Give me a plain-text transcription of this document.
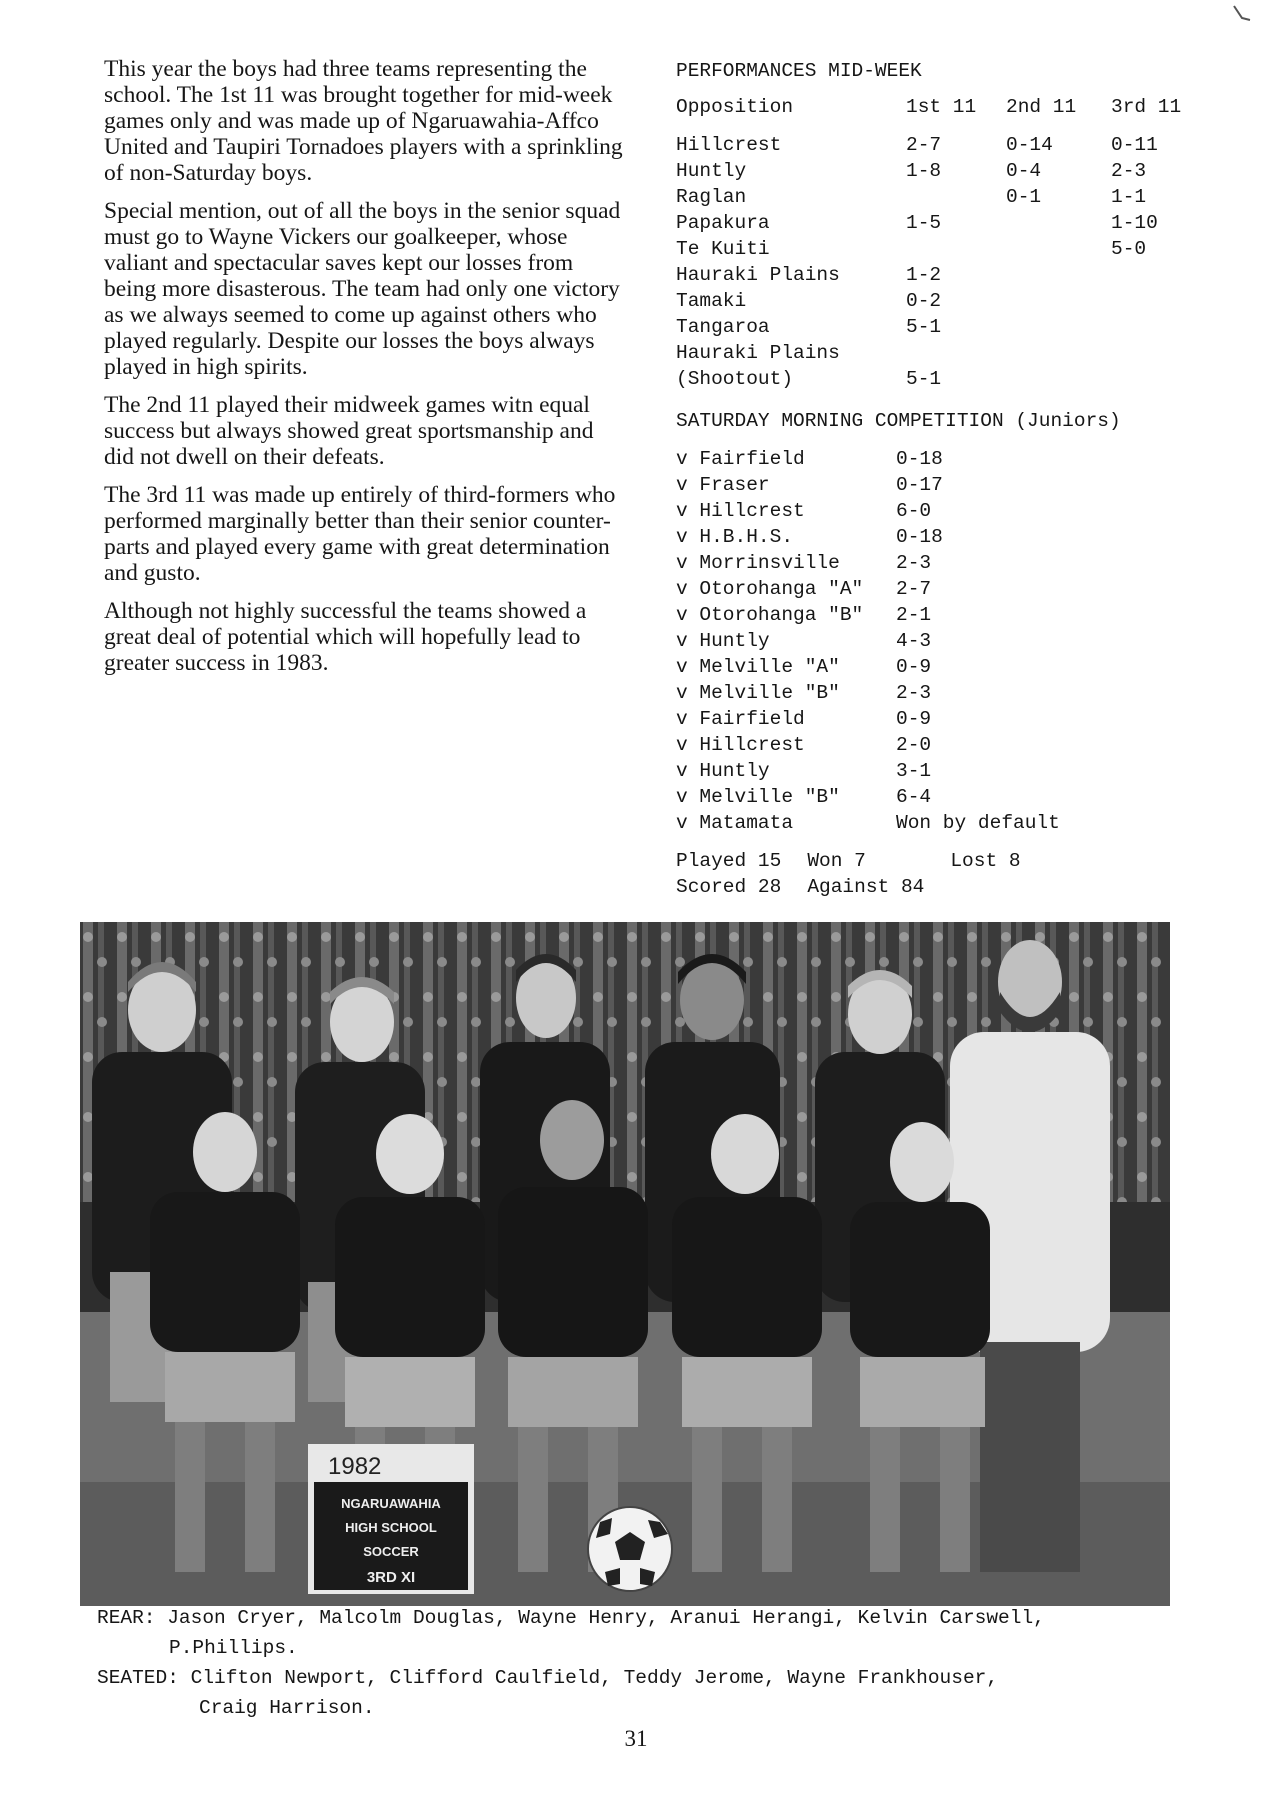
This year the boys had three teams representing the school. The 1st 11 was brought together for mid-week games only and was made up of Ngaruawahia-Affco United and Taupiri Tornadoes players with a sprinkling of non-Saturday boys.

Special mention, out of all the boys in the senior squad must go to Wayne Vickers our goalkeeper, whose valiant and spectacular saves kept our losses from being more disasterous. The team had only one victory as we always seemed to come up against others who played regularly. Despite our losses the boys always played in high spirits.

The 2nd 11 played their midweek games witn equal success but always showed great sportsmanship and did not dwell on their defeats.

The 3rd 11 was made up entirely of third-formers who performed marginally better than their senior counter-parts and played every game with great determination and gusto.

Although not highly successful the teams showed a great deal of potential which will hopefully lead to greater success in 1983.

PERFORMANCES MID-WEEK
Opposition	1st 11	2nd 11	3rd 11
Hillcrest	2-7	0-14	0-11
Huntly	1-8	0-4	2-3
Raglan		0-1	1-1
Papakura	1-5		1-10
Te Kuiti			5-0
Hauraki Plains	1-2		
Tamaki	0-2		
Tangaroa	5-1		
Hauraki Plains			
(Shootout)	5-1		
SATURDAY MORNING COMPETITION (Juniors)
v Fairfield	0-18
v Fraser	0-17
v Hillcrest	6-0
v H.B.H.S.	0-18
v Morrinsville	2-3
v Otorohanga "A"	2-7
v Otorohanga "B"	2-1
v Huntly	4-3
v Melville "A"	0-9
v Melville "B"	2-3
v Fairfield	0-9
v Hillcrest	2-0
v Huntly	3-1
v Melville "B"	6-4
v Matamata	Won by default
Played 15	Won 7	Lost 8
Scored 28	Against 84	
1982
NGARUAWAHIA
HIGH SCHOOL
SOCCER
3RD XI
REAR: Jason Cryer, Malcolm Douglas, Wayne Henry, Aranui Herangi, Kelvin Carswell,
P.Phillips.
SEATED: Clifton Newport, Clifford Caulfield, Teddy Jerome, Wayne Frankhouser,
Craig Harrison.
31
